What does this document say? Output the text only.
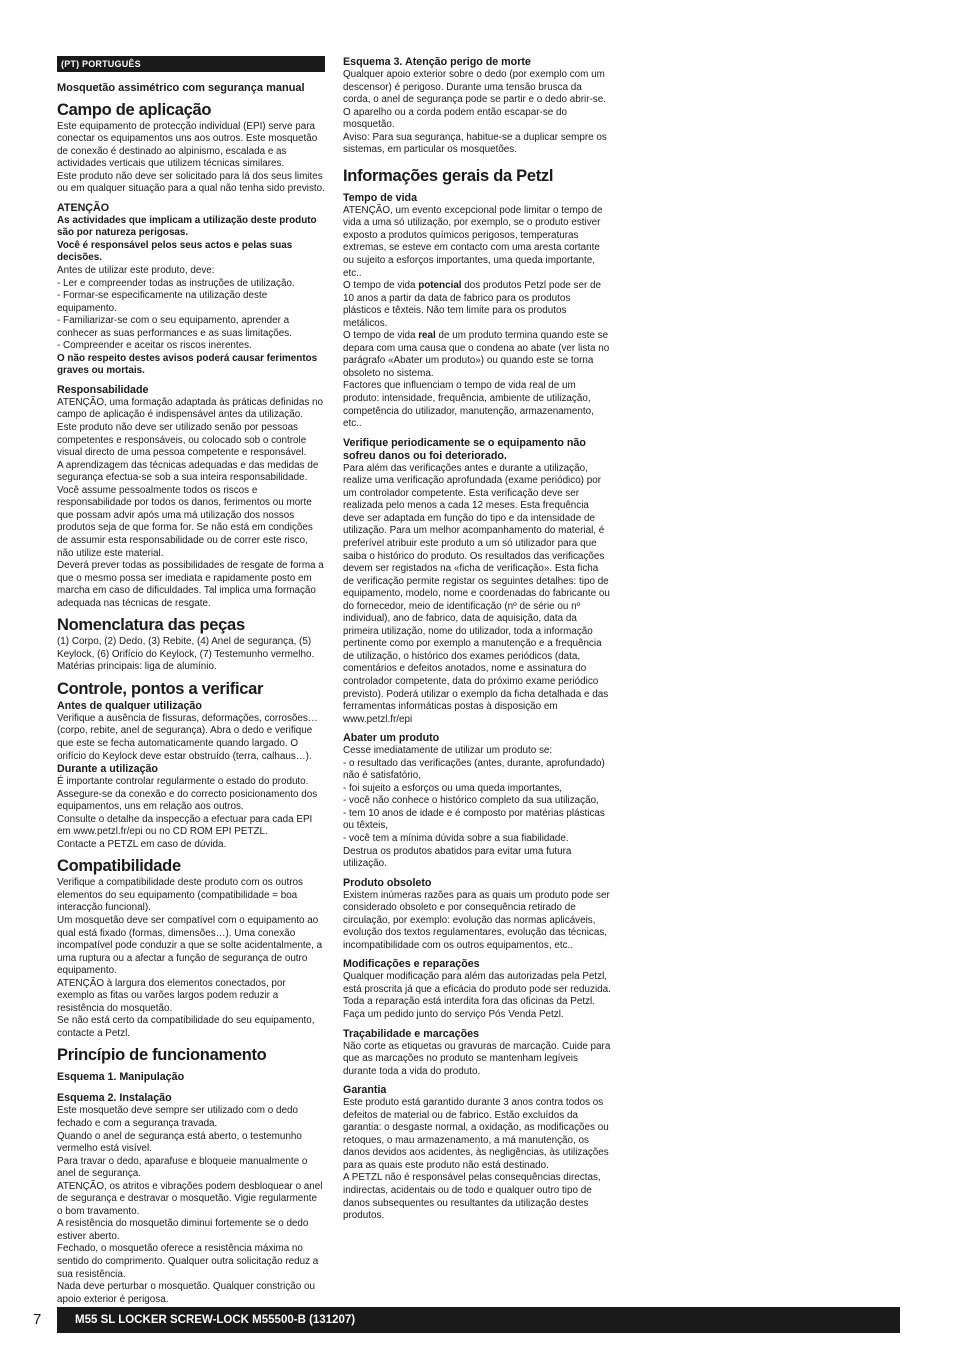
(PT) PORTUGUÊS
Mosquetão assimétrico com segurança manual
Campo de aplicação

Este equipamento de protecção individual (EPI) serve para conectar os equipamentos uns aos outros. Este mosquetão de conexão é destinado ao alpinismo, escalada e as actividades verticais que utilizem técnicas similares.

Este produto não deve ser solicitado para lá dos seus limites ou em qualquer situação para a qual não tenha sido previsto.

ATENÇÃO

As actividades que implicam a utilização deste produto são por natureza perigosas.

Você é responsável pelos seus actos e pelas suas decisões.

Antes de utilizar este produto, deve:

- Ler e compreender todas as instruções de utilização.

- Formar-se especificamente na utilização deste equipamento.

- Familiarizar-se com o seu equipamento, aprender a conhecer as suas performances e as suas limitações.

- Compreender e aceitar os riscos inerentes.

O não respeito destes avisos poderá causar ferimentos graves ou mortais.

Responsabilidade

ATENÇÃO, uma formação adaptada às práticas definidas no campo de aplicação é indispensável antes da utilização.

Este produto não deve ser utilizado senão por pessoas competentes e responsáveis, ou colocado sob o controle visual directo de uma pessoa competente e responsável.

A aprendizagem das técnicas adequadas e das medidas de segurança efectua-se sob a sua inteira responsabilidade.

Você assume pessoalmente todos os riscos e responsabilidade por todos os danos, ferimentos ou morte que possam advir após uma má utilização dos nossos produtos seja de que forma for. Se não está em condições de assumir esta responsabilidade ou de correr este risco, não utilize este material.

Deverá prever todas as possibilidades de resgate de forma a que o mesmo possa ser imediata e rapidamente posto em marcha em caso de dificuldades. Tal implica uma formação adequada nas técnicas de resgate.

Nomenclatura das peças

(1) Corpo, (2) Dedo, (3) Rebite, (4) Anel de segurança, (5) Keylock, (6) Orifício do Keylock, (7) Testemunho vermelho.

Matérias principais: liga de alumínio.

Controle, pontos a verificar
Antes de qualquer utilização

Verifique a ausência de fissuras, deformações, corrosões… (corpo, rebite, anel de segurança). Abra o dedo e verifique que este se fecha automaticamente quando largado. O orifício do Keylock deve estar obstruído (terra, calhaus…).

Durante a utilização

É importante controlar regularmente o estado do produto. Assegure-se da conexão e do correcto posicionamento dos equipamentos, uns em relação aos outros.

Consulte o detalhe da inspecção a efectuar para cada EPI em www.petzl.fr/epi ou no CD ROM EPI PETZL.

Contacte a PETZL em caso de dúvida.

Compatibilidade

Verifique a compatibilidade deste produto com os outros elementos do seu equipamento (compatibilidade = boa interacção funcional).

Um mosquetão deve ser compatível com o equipamento ao qual está fixado (formas, dimensões…). Uma conexão incompatível pode conduzir a que se solte acidentalmente, a uma ruptura ou a afectar a função de segurança de outro equipamento.

ATENÇÃO à largura dos elementos conectados, por exemplo as fitas ou varões largos podem reduzir a resistência do mosquetão.

Se não está certo da compatibilidade do seu equipamento, contacte a Petzl.

Princípio de funcionamento
Esquema 1. Manipulação
Esquema 2. Instalação

Este mosquetão deve sempre ser utilizado com o dedo fechado e com a segurança travada.

Quando o anel de segurança está aberto, o testemunho vermelho está visível.

Para travar o dedo, aparafuse e bloqueie manualmente o anel de segurança.

ATENÇÃO, os atritos e vibrações podem desbloquear o anel de segurança e destravar o mosquetão. Vigie regularmente o bom travamento.

A resistência do mosquetão diminui fortemente se o dedo estiver aberto.

Fechado, o mosquetão oferece a resistência máxima no sentido do comprimento. Qualquer outra solicitação reduz a sua resistência.

Nada deve perturbar o mosquetão. Qualquer constrição ou apoio exterior é perigosa.

Esquema 3. Atenção perigo de morte

Qualquer apoio exterior sobre o dedo (por exemplo com um descensor) é perigoso. Durante uma tensão brusca da corda, o anel de segurança pode se partir e o dedo abrir-se. O aparelho ou a corda podem então escapar-se do mosquetão.

Aviso: Para sua segurança, habitue-se a duplicar sempre os sistemas, em particular os mosquetões.

Informações gerais da Petzl
Tempo de vida

ATENÇÃO, um evento excepcional pode limitar o tempo de vida a uma só utilização, por exemplo, se o produto estiver exposto a produtos químicos perigosos, temperaturas extremas, se esteve em contacto com uma aresta cortante ou sujeito a esforços importantes, uma queda importante, etc..

O tempo de vida potencial dos produtos Petzl pode ser de 10 anos a partir da data de fabrico para os produtos plásticos e têxteis. Não tem limite para os produtos metálicos.

O tempo de vida real de um produto termina quando este se depara com uma causa que o condena ao abate (ver lista no parágrafo «Abater um produto») ou quando este se torna obsoleto no sistema.

Factores que influenciam o tempo de vida real de um produto: intensidade, frequência, ambiente de utilização, competência do utilizador, manutenção, armazenamento, etc..

Verifique periodicamente se o equipamento não sofreu danos ou foi deteriorado.

Para além das verificações antes e durante a utilização, realize uma verificação aprofundada (exame periódico) por um controlador competente. Esta verificação deve ser realizada pelo menos a cada 12 meses. Esta frequência deve ser adaptada em função do tipo e da intensidade de utilização. Para um melhor acompanhamento do material, é preferível atribuir este produto a um só utilizador para que saiba o histórico do produto. Os resultados das verificações devem ser registados na «ficha de verificação». Esta ficha de verificação permite registar os seguintes detalhes: tipo de equipamento, modelo, nome e coordenadas do fabricante ou do fornecedor, meio de identificação (nº de série ou nº individual), ano de fabrico, data de aquisição, data da primeira utilização, nome do utilizador, toda a informação pertinente como por exemplo a manutenção e a frequência de utilização, o histórico dos exames periódicos (data, comentários e defeitos anotados, nome e assinatura do controlador competente, data do próximo exame periódico previsto). Poderá utilizar o exemplo da ficha detalhada e das ferramentas informáticas postas à disposição em www.petzl.fr/epi

Abater um produto

Cesse imediatamente de utilizar um produto se:

- o resultado das verificações (antes, durante, aprofundado) não é satisfatório,

- foi sujeito a esforços ou uma queda importantes,

- você não conhece o histórico completo da sua utilização,

- tem 10 anos de idade e é composto por matérias plásticas ou têxteis,

- você tem a mínima dúvida sobre a sua fiabilidade.

Destrua os produtos abatidos para evitar uma futura utilização.

Produto obsoleto

Existem inúmeras razões para as quais um produto pode ser considerado obsoleto e por consequência retirado de circulação, por exemplo: evolução das normas aplicáveis, evolução dos textos regulamentares, evolução das técnicas, incompatibilidade com os outros equipamentos, etc..

Modificações e reparações

Qualquer modificação para além das autorizadas pela Petzl, está proscrita já que a eficácia do produto pode ser reduzida. Toda a reparação está interdita fora das oficinas da Petzl. Faça um pedido junto do serviço Pós Venda Petzl.

Traçabilidade e marcações

Não corte as etiquetas ou gravuras de marcação. Cuide para que as marcações no produto se mantenham legíveis durante toda a vida do produto.

Garantia

Este produto está garantido durante 3 anos contra todos os defeitos de material ou de fabrico. Estão excluídos da garantia: o desgaste normal, a oxidação, as modificações ou retoques, o mau armazenamento, a má manutenção, os danos devidos aos acidentes, às negligências, às utilizações para as quais este produto não está destinado.

A PETZL não é responsável pelas consequências directas, indirectas, acidentais ou de todo e qualquer outro tipo de danos subsequentes ou resultantes da utilização destes produtos.

7	M55 SL LOCKER SCREW-LOCK M55500-B (131207)
